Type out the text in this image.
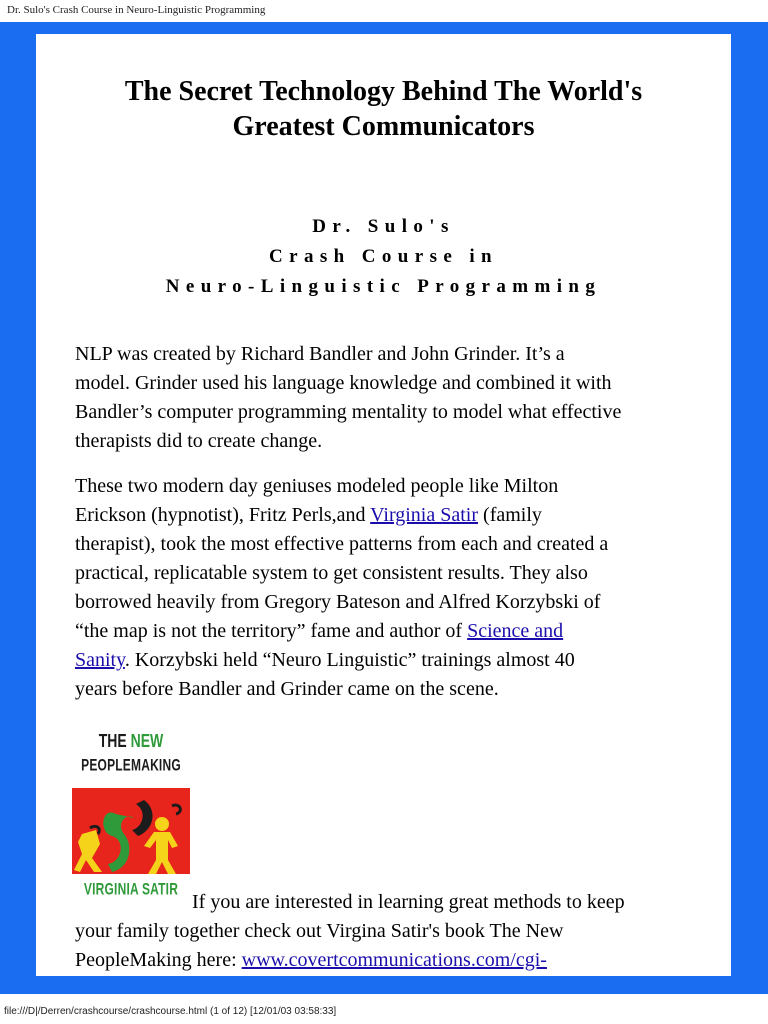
Dr. Sulo's Crash Course in Neuro-Linguistic Programming
The Secret Technology Behind The World's
Greatest Communicators
Dr. Sulo's
Crash Course in
Neuro-Linguistic Programming
NLP was created by Richard Bandler and John Grinder. It’s a
model. Grinder used his language knowledge and combined it with
Bandler’s computer programming mentality to model what effective
therapists did to create change.
These two modern day geniuses modeled people like Milton
Erickson (hypnotist), Fritz Perls,and Virginia Satir (family
therapist), took the most effective patterns from each and created a
practical, replicatable system to get consistent results. They also
borrowed heavily from Gregory Bateson and Alfred Korzybski of
“the map is not the territory” fame and author of Science and
Sanity. Korzybski held “Neuro Linguistic” trainings almost 40
years before Bandler and Grinder came on the scene.
THE NEW
PEOPLEMAKING
VIRGINIA SATIR
If you are interested in learning great methods to keep
your family together check out Virgina Satir's book The New
PeopleMaking here: www.covertcommunications.com/cgi-
file:///D|/Derren/crashcourse/crashcourse.html (1 of 12) [12/01/03 03:58:33]
